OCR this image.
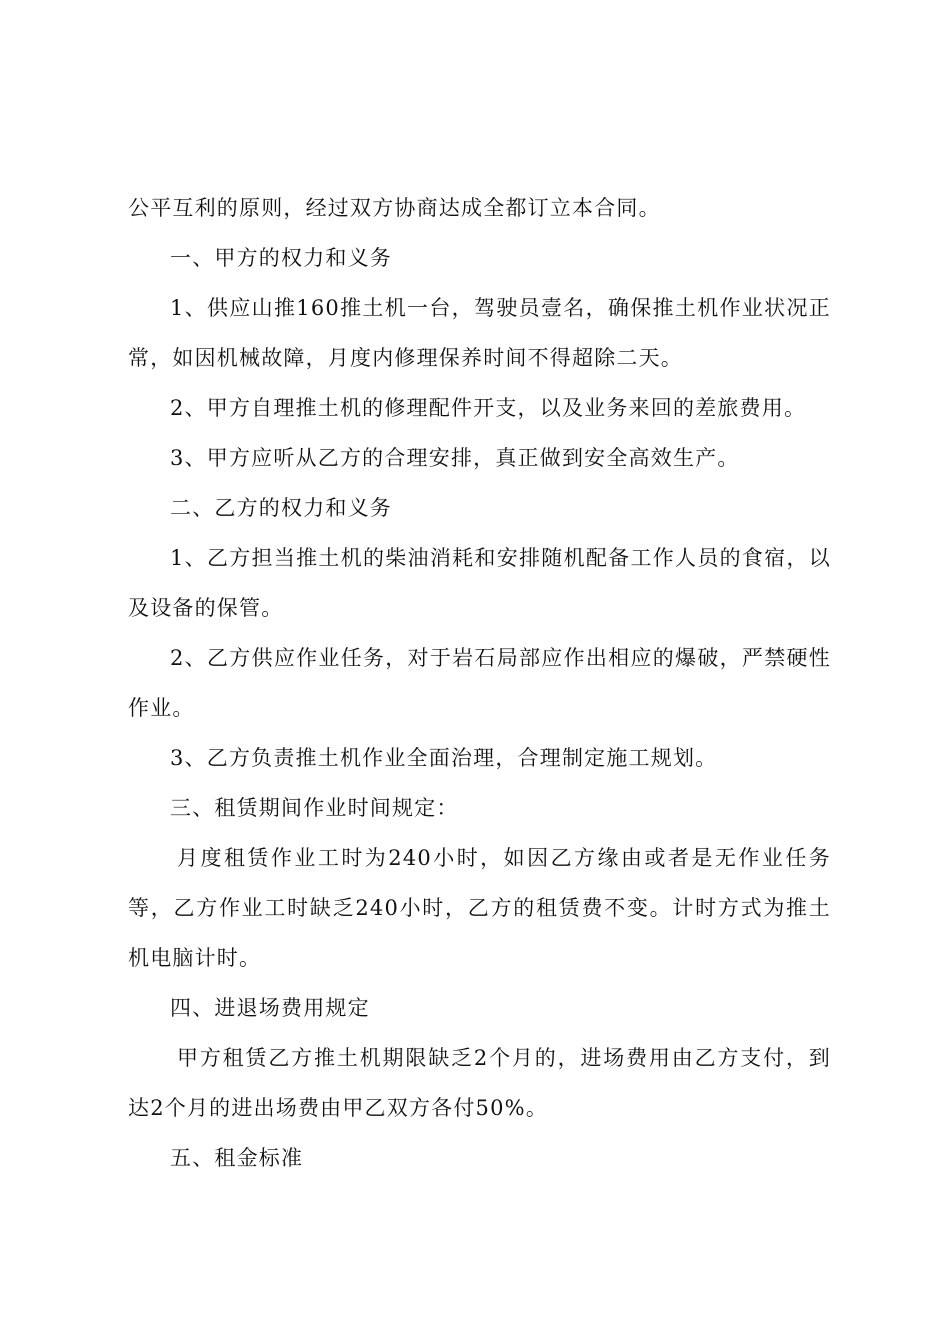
公平互利的原则，经过双方协商达成全都订立本合同。

一、甲方的权力和义务

1、供应山推160推土机一台，驾驶员壹名，确保推土机作业状况正

常，如因机械故障，月度内修理保养时间不得超除二天。

2、甲方自理推土机的修理配件开支，以及业务来回的差旅费用。

3、甲方应听从乙方的合理安排，真正做到安全高效生产。

二、乙方的权力和义务

1、乙方担当推土机的柴油消耗和安排随机配备工作人员的食宿，以

及设备的保管。

2、乙方供应作业任务，对于岩石局部应作出相应的爆破，严禁硬性

作业。

3、乙方负责推土机作业全面治理，合理制定施工规划。

三、租赁期间作业时间规定：

月度租赁作业工时为240小时，如因乙方缘由或者是无作业任务

等，乙方作业工时缺乏240小时，乙方的租赁费不变。计时方式为推土

机电脑计时。

四、进退场费用规定

甲方租赁乙方推土机期限缺乏2个月的，进场费用由乙方支付，到

达2个月的进出场费由甲乙双方各付50%。

五、租金标准
